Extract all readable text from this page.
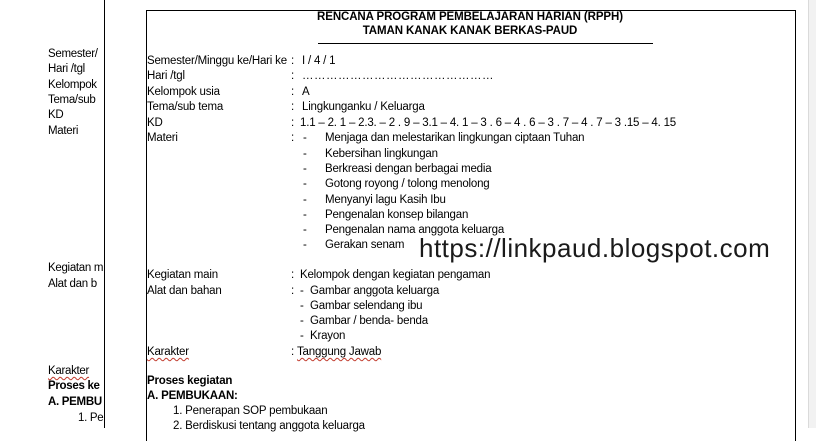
Semester/
Hari /tgl
Kelompok
Tema/sub
KD
Materi
Kegiatan m
Alat dan b
Karakter
Proses ke
A. PEMBU
1. Pe
RENCANA PROGRAM PEMBELAJARAN HARIAN (RPPH)
TAMAN KANAK KANAK BERKAS-PAUD
Semester/Minggu ke/Hari ke : I / 4 / 1
Hari /tgl	: …………………………………………
Kelompok usia	: A
Tema/sub tema	: Lingkunganku / Keluarga
KD	: 1.1 – 2. 1 – 2.3. – 2 . 9 – 3.1 – 4. 1 – 3 . 6 – 4 . 6 – 3 . 7 – 4 . 7 – 3 .15 – 4. 15
Materi	: - Menjaga dan melestarikan lingkungan ciptaan Tuhan
- Kebersihan lingkungan
- Berkreasi dengan berbagai media
- Gotong royong / tolong menolong
- Menyanyi lagu Kasih Ibu
- Pengenalan konsep bilangan
- Pengenalan nama anggota keluarga
- Gerakan senam
Kegiatan main	: Kelompok dengan kegiatan pengaman
Alat dan bahan	: - Gambar anggota keluarga
- Gambar selendang ibu
- Gambar / benda- benda
- Krayon
Karakter	: Tanggung Jawab
Proses kegiatan
A. PEMBUKAAN:
1. Penerapan SOP pembukaan
2. Berdiskusi tentang anggota keluarga
https://linkpaud.blogspot.com
